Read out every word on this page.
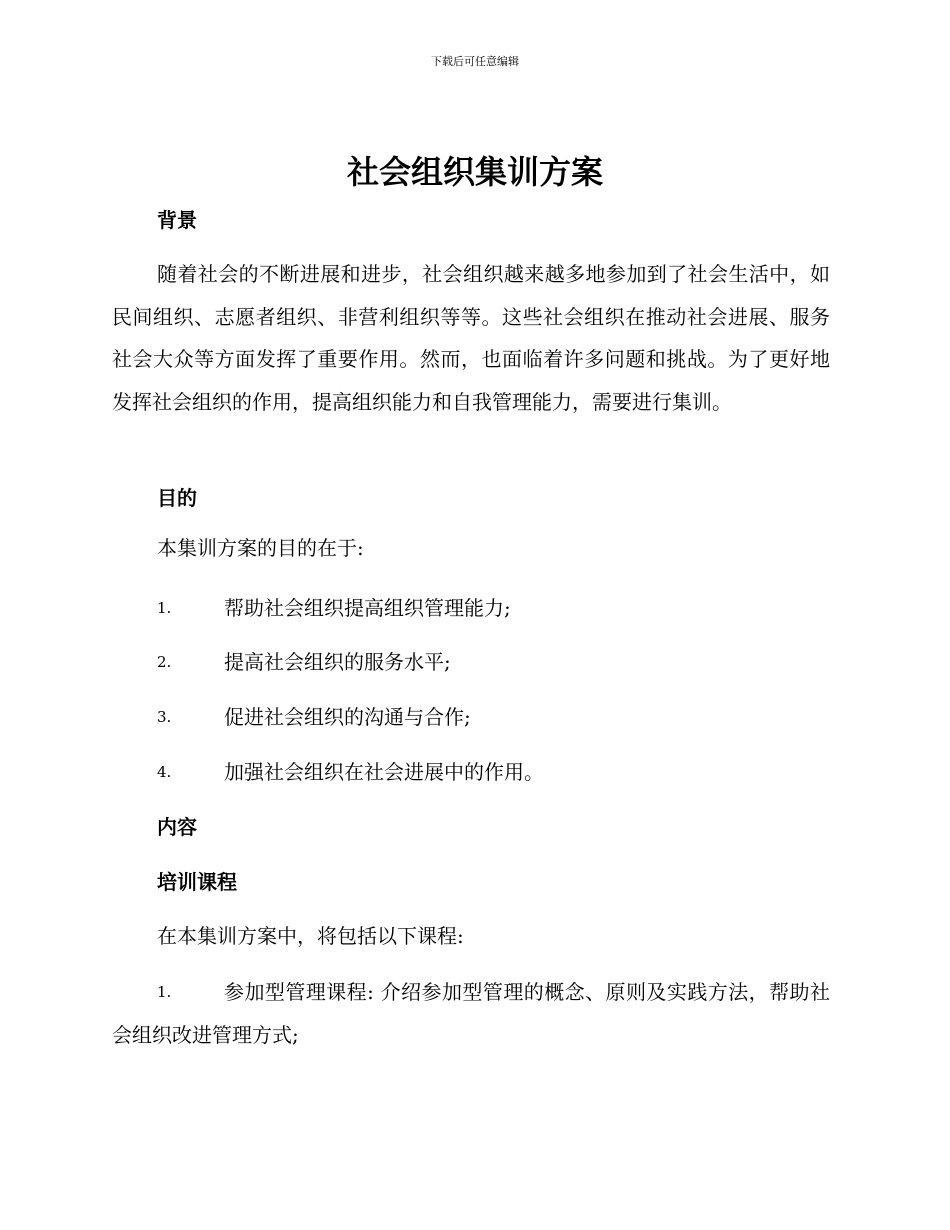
下载后可任意编辑
社会组织集训方案
背景

随着社会的不断进展和进步，社会组织越来越多地参加到了社会生活中，如民间组织、志愿者组织、非营利组织等等。这些社会组织在推动社会进展、服务社会大众等方面发挥了重要作用。然而，也面临着许多问题和挑战。为了更好地发挥社会组织的作用，提高组织能力和自我管理能力，需要进行集训。

目的

本集训方案的目的在于:

1.	帮助社会组织提高组织管理能力;
2.	提高社会组织的服务水平;
3.	促进社会组织的沟通与合作;
4.	加强社会组织在社会进展中的作用。
内容
培训课程

在本集训方案中，将包括以下课程:

1.	参加型管理课程: 介绍参加型管理的概念、原则及实践方法，帮助社会组织改进管理方式;
